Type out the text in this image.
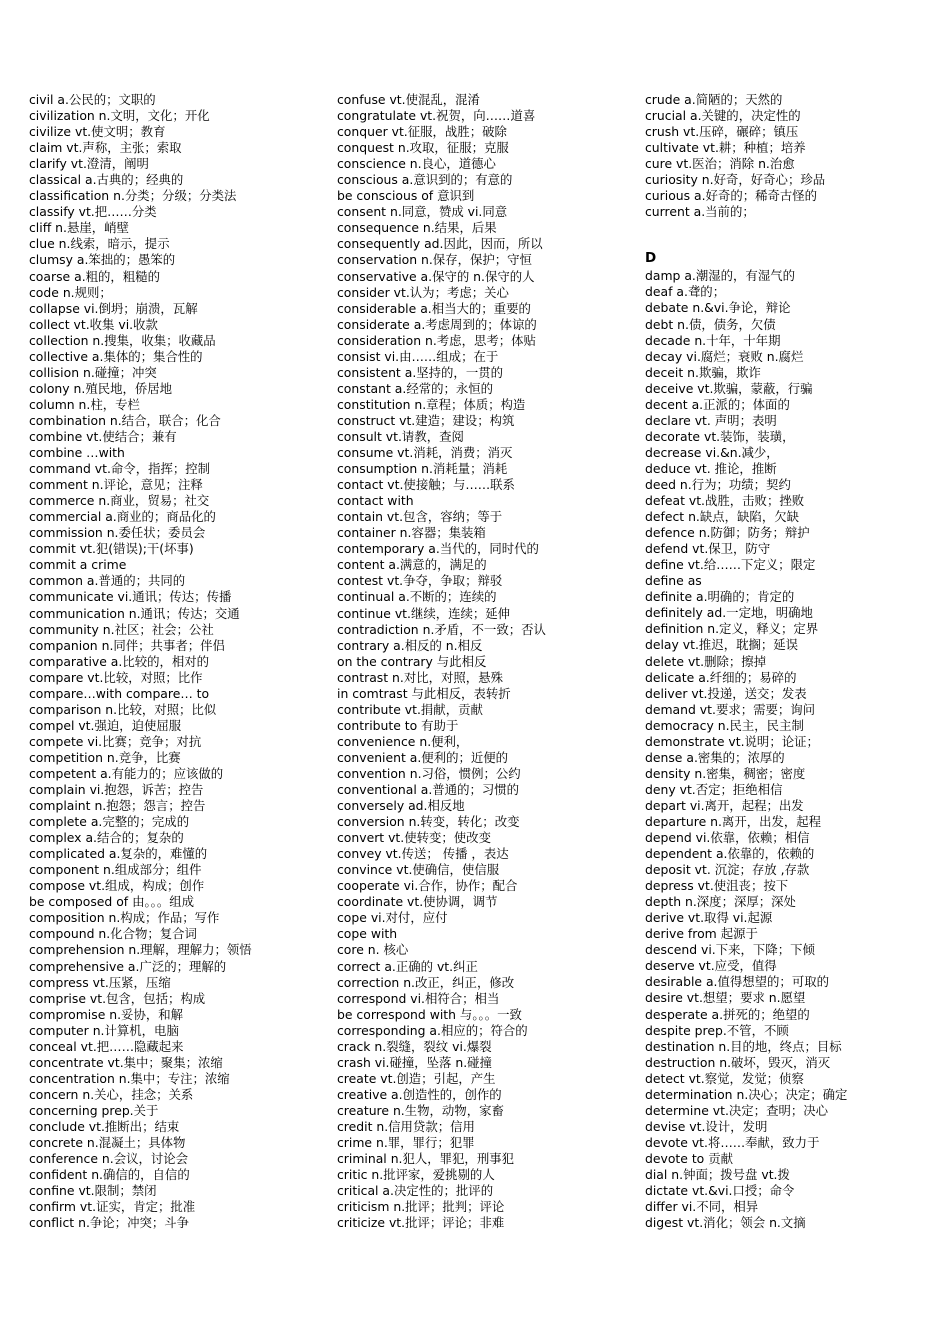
civil a.公民的；文职的
civilization n.文明，文化；开化
civilize vt.使文明；教育
claim vt.声称，主张；索取
clarify vt.澄清，阐明
classical a.古典的；经典的
classification n.分类；分级；分类法
classify vt.把……分类
cliff n.悬崖，峭壁
clue n.线索，暗示，提示
clumsy a.笨拙的；愚笨的
coarse a.粗的，粗糙的
code n.规则；
collapse vi.倒坍；崩溃，瓦解
collect vt.收集 vi.收款
collection n.搜集，收集；收藏品
collective a.集体的；集合性的
collision n.碰撞；冲突
colony n.殖民地，侨居地
column n.柱，专栏
combination n.结合，联合；化合
combine vt.使结合；兼有
combine …with
command vt.命令，指挥；控制
comment n.评论，意见；注释
commerce n.商业，贸易；社交
commercial a.商业的；商品化的
commission n.委任状；委员会
commit vt.犯(错误);干(坏事)
commit a crime
common a.普通的；共同的
communicate vi.通讯；传达；传播
communication n.通讯；传达；交通
community n.社区；社会；公社
companion n.同伴；共事者；伴侣
comparative a.比较的，相对的
compare vt.比较，对照；比作
compare…with compare… to
comparison n.比较，对照；比似
compel vt.强迫，迫使屈服
compete vi.比赛；竞争；对抗
competition n.竞争，比赛
competent a.有能力的；应该做的
complain vi.抱怨，诉苦；控告
complaint n.抱怨；怨言；控告
complete a.完整的；完成的
complex a.结合的；复杂的
complicated a.复杂的，难懂的
component n.组成部分；组件
compose vt.组成，构成；创作
be composed of 由。。。组成
composition n.构成；作品；写作
compound n.化合物；复合词
comprehension n.理解，理解力；领悟
comprehensive a.广泛的；理解的
compress vt.压紧，压缩
comprise vt.包含，包括；构成
compromise n.妥协，和解
computer n.计算机，电脑
conceal vt.把……隐藏起来
concentrate vt.集中；聚集；浓缩
concentration n.集中；专注；浓缩
concern n.关心，挂念；关系
concerning prep.关于
conclude vt.推断出；结束
concrete n.混凝土；具体物
conference n.会议，讨论会
confident n.确信的，自信的
confine vt.限制；禁闭
confirm vt.证实，肯定；批准
conflict n.争论；冲突；斗争
confuse vt.使混乱，混淆
congratulate vt.祝贺，向……道喜
conquer vt.征服，战胜；破除
conquest n.攻取，征服；克服
conscience n.良心，道德心
conscious a.意识到的；有意的
be conscious of 意识到
consent n.同意，赞成 vi.同意
consequence n.结果，后果
consequently ad.因此，因而，所以
conservation n.保存，保护；守恒
conservative a.保守的 n.保守的人
consider vt.认为；考虑；关心
considerable a.相当大的；重要的
considerate a.考虑周到的；体谅的
consideration n.考虑，思考；体贴
consist vi.由……组成；在于
consistent a.坚持的，一贯的
constant a.经常的；永恒的
constitution n.章程；体质；构造
construct vt.建造；建设；构筑
consult vt.请教，查阅
consume vt.消耗，消费；消灭
consumption n.消耗量；消耗
contact vt.使接触；与……联系
contact with
contain vt.包含，容纳；等于
container n.容器；集装箱
contemporary a.当代的，同时代的
content a.满意的，满足的
contest vt.争夺，争取；辩驳
continual a.不断的；连续的
continue vt.继续，连续；延伸
contradiction n.矛盾，不一致；否认
contrary a.相反的 n.相反
on the contrary 与此相反
contrast n.对比，对照，悬殊
in comtrast 与此相反，表转折
contribute vt.捐献，贡献
contribute to 有助于
convenience n.便利，
convenient a.便利的；近便的
convention n.习俗，惯例；公约
conventional a.普通的；习惯的
conversely ad.相反地
conversion n.转变，转化；改变
convert vt.使转变；使改变
convey vt.传送； 传播 ，表达
convince vt.使确信，使信服
cooperate vi.合作，协作；配合
coordinate vt.使协调，调节
cope vi.对付，应付
cope with
core n. 核心
correct a.正确的 vt.纠正
correction n.改正，纠正，修改
correspond vi.相符合；相当
be correspond with 与。。。一致
corresponding a.相应的；符合的
crack n.裂缝，裂纹 vi.爆裂
crash vi.碰撞，坠落 n.碰撞
create vt.创造；引起，产生
creative a.创造性的，创作的
creature n.生物，动物，家畜
credit n.信用贷款；信用
crime n.罪，罪行；犯罪
criminal n.犯人，罪犯，刑事犯
critic n.批评家，爱挑剔的人
critical a.决定性的；批评的
criticism n.批评；批判；评论
criticize vt.批评；评论；非难
crude a.简陋的；天然的
crucial a.关键的，决定性的
crush vt.压碎，碾碎；镇压
cultivate vt.耕；种植；培养
cure vt.医治；消除 n.治愈
curiosity n.好奇，好奇心；珍品
curious a.好奇的；稀奇古怪的
current a.当前的；
D
damp a.潮湿的，有湿气的
deaf a.聋的；
debate n.&vi.争论，辩论
debt n.债，债务，欠债
decade n.十年，十年期
decay vi.腐烂；衰败 n.腐烂
deceit n.欺骗，欺诈
deceive vt.欺骗，蒙蔽，行骗
decent a.正派的；体面的
declare vt. 声明；表明
decorate vt.装饰，装璜，
decrease vi.&n.减少，
deduce vt. 推论，推断
deed n.行为；功绩；契约
defeat vt.战胜，击败；挫败
defect n.缺点，缺陷，欠缺
defence n.防御；防务；辩护
defend vt.保卫，防守
define vt.给……下定义；限定
define as
definite a.明确的；肯定的
definitely ad.一定地，明确地
definition n.定义，释义；定界
delay vt.推迟，耽搁；延误
delete vt.删除；擦掉
delicate a.纤细的；易碎的
deliver vt.投递，送交；发表
demand vt.要求；需要；询问
democracy n.民主，民主制
demonstrate vt.说明；论证；
dense a.密集的；浓厚的
density n.密集，稠密；密度
deny vt.否定；拒绝相信
depart vi.离开，起程；出发
departure n.离开，出发，起程
depend vi.依靠，依赖；相信
dependent a.依靠的，依赖的
deposit vt. 沉淀；存放 ,存款
depress vt.使沮丧；按下
depth n.深度；深厚；深处
derive vt.取得 vi.起源
derive from 起源于
descend vi.下来，下降；下倾
deserve vt.应受，值得
desirable a.值得想望的；可取的
desire vt.想望；要求 n.愿望
desperate a.拼死的；绝望的
despite prep.不管，不顾
destination n.目的地，终点；目标
destruction n.破坏，毁灭，消灭
detect vt.察觉，发觉；侦察
determination n.决心；决定；确定
determine vt.决定；查明；决心
devise vt.设计，发明
devote vt.将……奉献，致力于
devote to 贡献
dial n.钟面；拨号盘 vt.拨
dictate vt.&vi.口授；命令
differ vi.不同，相异
digest vt.消化；领会 n.文摘
